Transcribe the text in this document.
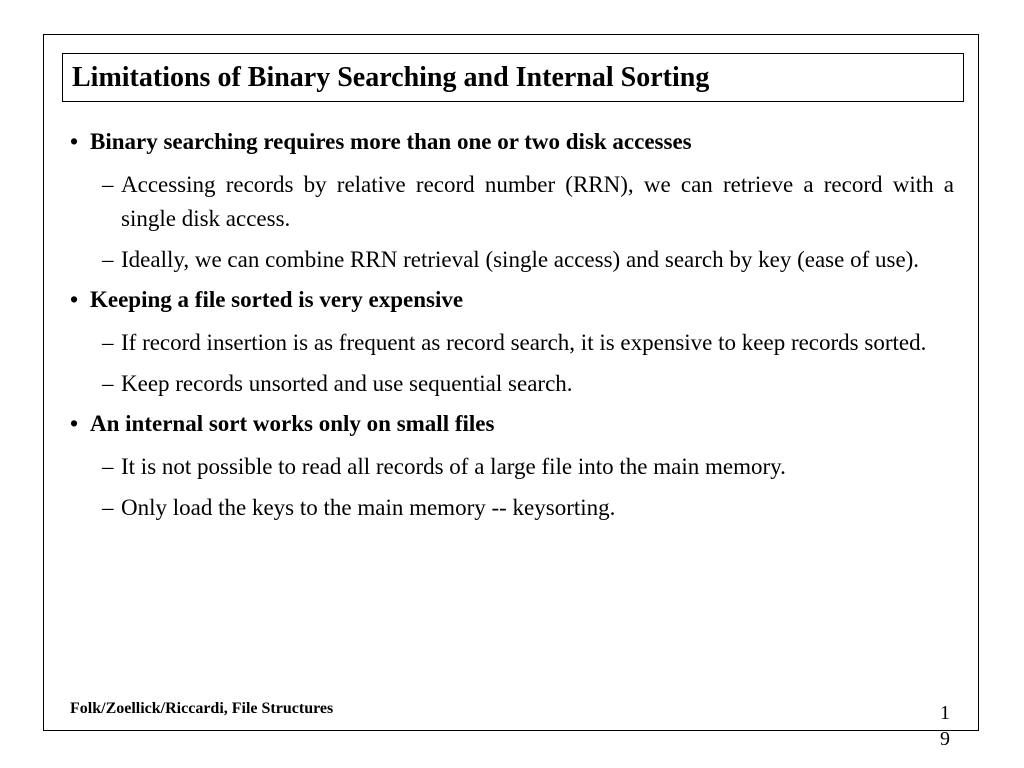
Limitations of Binary Searching and Internal Sorting
• Binary searching requires more than one or two disk accesses
– Accessing records by relative record number (RRN), we can retrieve a record with a single disk access.
– Ideally, we can combine RRN retrieval (single access) and search by key (ease of use).
• Keeping a file sorted is very expensive
– If record insertion is as frequent as record search, it is expensive to keep records sorted.
– Keep records unsorted and use sequential search.
• An internal sort works only on small files
– It is not possible to read all records of a large file into the main memory.
– Only load the keys to the main memory -- keysorting.
Folk/Zoellick/Riccardi, File Structures	19
